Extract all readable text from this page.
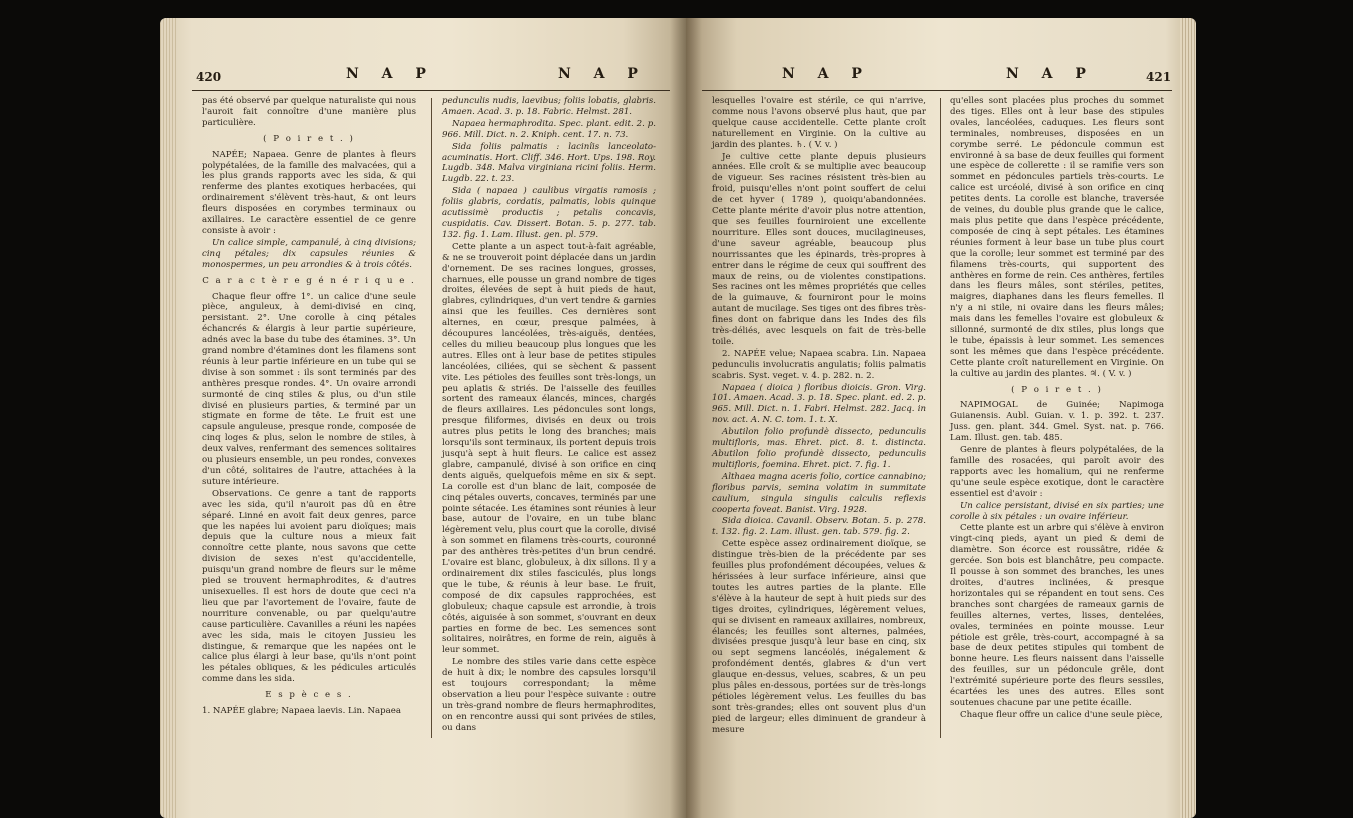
420	N A P	N A P

pas été observé par quelque naturaliste qui nous l'auroit fait connoître d'une manière plus particulière.

( P o i r e t . )

NAPÉE; Napaea. Genre de plantes à fleurs polypétalées, de la famille des malvacées, qui a les plus grands rapports avec les sida, & qui renferme des plantes exotiques herbacées, qui ordinairement s'élèvent très-haut, & ont leurs fleurs disposées en corymbes terminaux ou axillaires. Le caractère essentiel de ce genre consiste à avoir :

Un calice simple, campanulé, à cinq divisions; cinq pétales; dix capsules réunies & monospermes, un peu arrondies & à trois côtés.

C a r a c t è r e g é n é r i q u e .

Chaque fleur offre 1°. un calice d'une seule pièce, anguleux, à demi-divisé en cinq, persistant. 2°. Une corolle à cinq pétales échancrés & élargis à leur partie supérieure, adnés avec la base du tube des étamines. 3°. Un grand nombre d'étamines dont les filamens sont réunis à leur partie inférieure en un tube qui se divise à son sommet : ils sont terminés par des anthères presque rondes. 4°. Un ovaire arrondi surmonté de cinq stiles & plus, ou d'un stile divisé en plusieurs parties, & terminé par un stigmate en forme de tête. Le fruit est une capsule anguleuse, presque ronde, composée de cinq loges & plus, selon le nombre de stiles, à deux valves, renfermant des semences solitaires ou plusieurs ensemble, un peu rondes, convexes d'un côté, solitaires de l'autre, attachées à la suture intérieure.

Observations. Ce genre a tant de rapports avec les sida, qu'il n'auroit pas dû en être séparé. Linné en avoit fait deux genres, parce que les napées lui avoient paru dioïques; mais depuis que la culture nous a mieux fait connoître cette plante, nous savons que cette division de sexes n'est qu'accidentelle, puisqu'un grand nombre de fleurs sur le même pied se trouvent hermaphrodites, & d'autres unisexuelles. Il est hors de doute que ceci n'a lieu que par l'avortement de l'ovaire, faute de nourriture convenable, ou par quelqu'autre cause particulière. Cavanilles a réuni les napées avec les sida, mais le citoyen Jussieu les distingue, & remarque que les napées ont le calice plus élargi à leur base, qu'ils n'ont point les pétales obliques, & les pédicules articulés comme dans les sida.

E s p è c e s .

1. NAPÉE glabre; Napaea laevis. Lin. Napaea

pedunculis nudis, laevibus; foliis lobatis, glabris. Amaen. Acad. 3. p. 18. Fabric. Helmst. 281.

Napaea hermaphrodita. Spec. plant. edit. 2. p. 966. Mill. Dict. n. 2. Kniph. cent. 17. n. 73.

Sida foliis palmatis : lacinîis lanceolato-acuminatis. Hort. Cliff. 346. Hort. Ups. 198. Roy. Lugdb. 348. Malva virginiana ricini foliis. Herm. Lugdb. 22. t. 23.

Sida ( napaea ) caulibus virgatis ramosis ; foliis glabris, cordatis, palmatis, lobis quinque acutissimè productis ; petalis concavis, cuspidatis. Cav. Dissert. Botan. 5. p. 277. tab. 132. fig. 1. Lam. Illust. gen. pl. 579.

Cette plante a un aspect tout-à-fait agréable, & ne se trouveroit point déplacée dans un jardin d'ornement. De ses racines longues, grosses, charnues, elle pousse un grand nombre de tiges droites, élevées de sept à huit pieds de haut, glabres, cylindriques, d'un vert tendre & garnies ainsi que les feuilles. Ces dernières sont alternes, en cœur, presque palmées, à découpures lancéolées, très-aiguës, dentées, celles du milieu beaucoup plus longues que les autres. Elles ont à leur base de petites stipules lancéolées, ciliées, qui se sèchent & passent vite. Les pétioles des feuilles sont très-longs, un peu aplatis & striés. De l'aisselle des feuilles sortent des rameaux élancés, minces, chargés de fleurs axillaires. Les pédoncules sont longs, presque filiformes, divisés en deux ou trois autres plus petits le long des branches; mais lorsqu'ils sont terminaux, ils portent depuis trois jusqu'à sept à huit fleurs. Le calice est assez glabre, campanulé, divisé à son orifice en cinq dents aiguës, quelquefois même en six & sept. La corolle est d'un blanc de lait, composée de cinq pétales ouverts, concaves, terminés par une pointe sétacée. Les étamines sont réunies à leur base, autour de l'ovaire, en un tube blanc légèrement velu, plus court que la corolle, divisé à son sommet en filamens très-courts, couronné par des anthères très-petites d'un brun cendré. L'ovaire est blanc, globuleux, à dix sillons. Il y a ordinairement dix stiles fasciculés, plus longs que le tube, & réunis à leur base. Le fruit, composé de dix capsules rapprochées, est globuleux; chaque capsule est arrondie, à trois côtés, aiguisée à son sommet, s'ouvrant en deux parties en forme de bec. Les semences sont solitaires, noirâtres, en forme de rein, aiguës à leur sommet.

Le nombre des stiles varie dans cette espèce de huit à dix; le nombre des capsules lorsqu'il est toujours correspondant; la même observation a lieu pour l'espèce suivante : outre un très-grand nombre de fleurs hermaphrodites, on en rencontre aussi qui sont privées de stiles, ou dans

N A P	N A P	421

lesquelles l'ovaire est stérile, ce qui n'arrive, comme nous l'avons observé plus haut, que par quelque cause accidentelle. Cette plante croît naturellement en Virginie. On la cultive au jardin des plantes. ♄. ( V. v. )

Je cultive cette plante depuis plusieurs années. Elle croît & se multiplie avec beaucoup de vigueur. Ses racines résistent très-bien au froid, puisqu'elles n'ont point souffert de celui de cet hyver ( 1789 ), quoiqu'abandonnées. Cette plante mérite d'avoir plus notre attention, que ses feuilles fourniroient une excellente nourriture. Elles sont douces, mucilagineuses, d'une saveur agréable, beaucoup plus nourrissantes que les épinards, très-propres à entrer dans le régime de ceux qui souffrent des maux de reins, ou de violentes constipations. Ses racines ont les mêmes propriétés que celles de la guimauve, & fourniront pour le moins autant de mucilage. Ses tiges ont des fibres très-fines dont on fabrique dans les Indes des fils très-déliés, avec lesquels on fait de très-belle toile.

2. NAPÉE velue; Napaea scabra. Lin. Napaea pedunculis involucratis angulatis; foliis palmatis scabris. Syst. veget. v. 4. p. 282. n. 2.

Napaea ( dioica ) floribus dioicis. Gron. Virg. 101. Amaen. Acad. 3. p. 18. Spec. plant. ed. 2. p. 965. Mill. Dict. n. 1. Fabri. Helmst. 282. Jacq. in nov. act. A. N. C. tom. 1. t. X.

Abutilon folio profundè dissecto, pedunculis multifloris, mas. Ehret. pict. 8. t. distincta. Abutilon folio profundè dissecto, pedunculis multifloris, foemina. Ehret. pict. 7. fig. 1.

Althaea magna aceris folio, cortice cannabino; floribus parvis, semina volatim in summitate caulium, singula singulis calculis reflexis cooperta foveat. Banist. Virg. 1928.

Sida dioica. Cavanil. Observ. Botan. 5. p. 278. t. 132. fig. 2. Lam. illust. gen. tab. 579. fig. 2.

Cette espèce assez ordinairement dioïque, se distingue très-bien de la précédente par ses feuilles plus profondément découpées, velues & hérissées à leur surface inférieure, ainsi que toutes les autres parties de la plante. Elle s'élève à la hauteur de sept à huit pieds sur des tiges droites, cylindriques, légèrement velues, qui se divisent en rameaux axillaires, nombreux, élancés; les feuilles sont alternes, palmées, divisées presque jusqu'à leur base en cinq, six ou sept segmens lancéolés, inégalement & profondément dentés, glabres & d'un vert glauque en-dessus, velues, scabres, & un peu plus pâles en-dessous, portées sur de très-longs pétioles légèrement velus. Les feuilles du bas sont très-grandes; elles ont souvent plus d'un pied de largeur; elles diminuent de grandeur à mesure

qu'elles sont placées plus proches du sommet des tiges. Elles ont à leur base des stipules ovales, lancéolées, caduques. Les fleurs sont terminales, nombreuses, disposées en un corymbe serré. Le pédoncule commun est environné à sa base de deux feuilles qui forment une espèce de collerette : il se ramifie vers son sommet en pédoncules partiels très-courts. Le calice est urcéolé, divisé à son orifice en cinq petites dents. La corolle est blanche, traversée de veines, du double plus grande que le calice, mais plus petite que dans l'espèce précédente, composée de cinq à sept pétales. Les étamines réunies forment à leur base un tube plus court que la corolle; leur sommet est terminé par des filamens très-courts, qui supportent des anthères en forme de rein. Ces anthères, fertiles dans les fleurs mâles, sont stériles, petites, maigres, diaphanes dans les fleurs femelles. Il n'y a ni stile, ni ovaire dans les fleurs mâles; mais dans les femelles l'ovaire est globuleux & sillonné, surmonté de dix stiles, plus longs que le tube, épaissis à leur sommet. Les semences sont les mêmes que dans l'espèce précédente. Cette plante croît naturellement en Virginie. On la cultive au jardin des plantes. ♃. ( V. v. )

( P o i r e t . )

NAPIMOGAL de Guinée; Napimoga Guianensis. Aubl. Guian. v. 1. p. 392. t. 237. Juss. gen. plant. 344. Gmel. Syst. nat. p. 766. Lam. Illust. gen. tab. 485.

Genre de plantes à fleurs polypétalées, de la famille des rosacées, qui paroît avoir des rapports avec les homalium, qui ne renferme qu'une seule espèce exotique, dont le caractère essentiel est d'avoir :

Un calice persistant, divisé en six parties; une corolle à six pétales : un ovaire inférieur.

Cette plante est un arbre qui s'élève à environ vingt-cinq pieds, ayant un pied & demi de diamètre. Son écorce est roussâtre, ridée & gercée. Son bois est blanchâtre, peu compacte. Il pousse à son sommet des branches, les unes droites, d'autres inclinées, & presque horizontales qui se répandent en tout sens. Ces branches sont chargées de rameaux garnis de feuilles alternes, vertes, lisses, dentelées, ovales, terminées en pointe mousse. Leur pétiole est grêle, très-court, accompagné à sa base de deux petites stipules qui tombent de bonne heure. Les fleurs naissent dans l'aisselle des feuilles, sur un pédoncule grêle, dont l'extrémité supérieure porte des fleurs sessiles, écartées les unes des autres. Elles sont soutenues chacune par une petite écaille.

Chaque fleur offre un calice d'une seule pièce,
